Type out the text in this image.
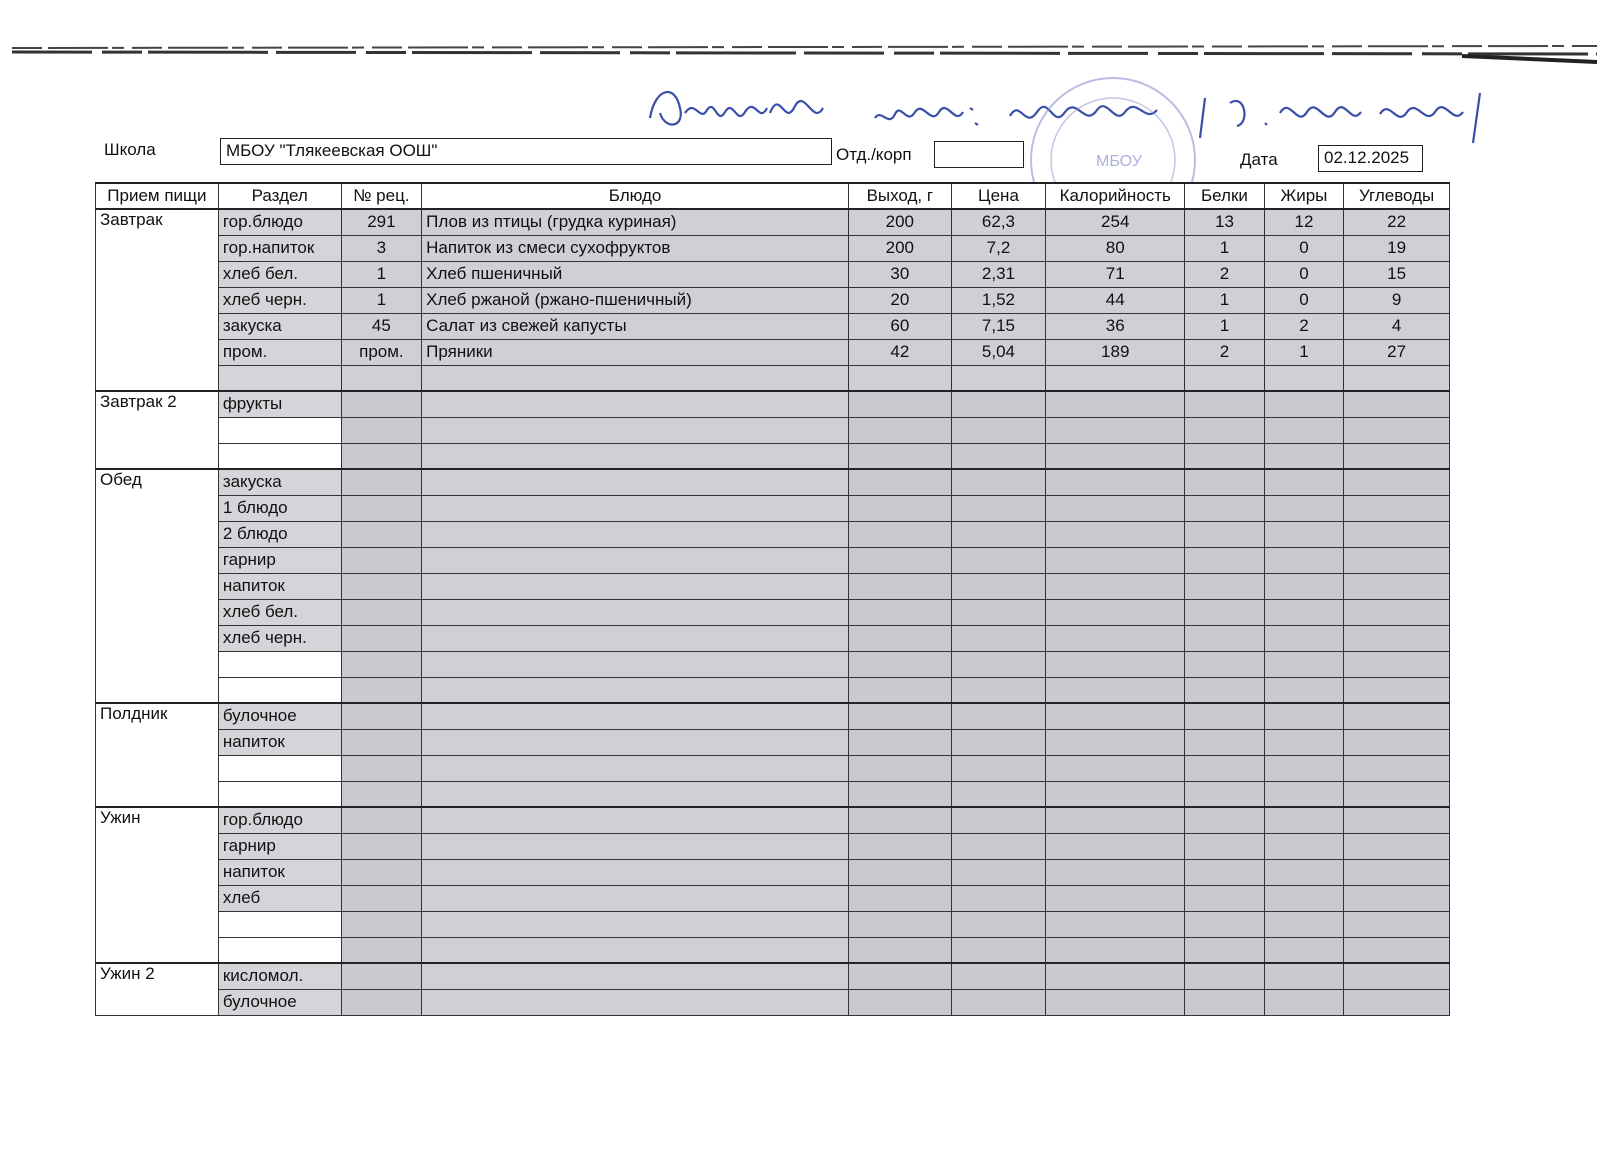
МБОУ
Школа	МБОУ "Тлякеевская ООШ"	Отд./корп	Дата	02.12.2025
Прием пищи	Раздел	№ рец.	Блюдо	Выход, г	Цена	Калорийность	Белки	Жиры	Углеводы
Завтрак	гор.блюдо	291	Плов из птицы (грудка куриная)	200	62,3	254	13	12	22
	гор.напиток	3	Напиток из смеси сухофруктов	200	7,2	80	1	0	19
	хлеб бел.	1	Хлеб пшеничный	30	2,31	71	2	0	15
	хлеб черн.	1	Хлеб ржаной (ржано-пшеничный)	20	1,52	44	1	0	9
	закуска	45	Салат из свежей капусты	60	7,15	36	1	2	4
	пром.	пром.	Пряники	42	5,04	189	2	1	27

Завтрак 2	фрукты								

Обед	закуска								
	1 блюдо								
	2 блюдо								
	гарнир								
	напиток								
	хлеб бел.								
	хлеб черн.								

Полдник	булочное								
	напиток								

Ужин	гор.блюдо								
	гарнир								
	напиток								
	хлеб								

Ужин 2	кисломол.								
	булочное								
